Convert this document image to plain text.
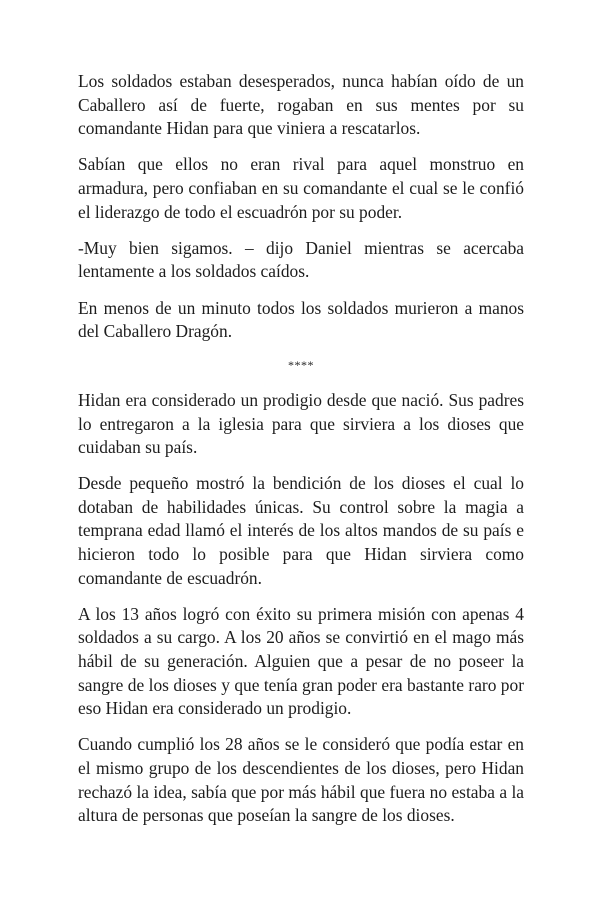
Los soldados estaban desesperados, nunca habían oído de un Caballero así de fuerte, rogaban en sus mentes por su comandante Hidan para que viniera a rescatarlos.

Sabían que ellos no eran rival para aquel monstruo en armadura, pero confiaban en su comandante el cual se le confió el liderazgo de todo el escuadrón por su poder.

-Muy bien sigamos. – dijo Daniel mientras se acercaba lentamente a los soldados caídos.

En menos de un minuto todos los soldados murieron a manos del Caballero Dragón.

****

Hidan era considerado un prodigio desde que nació. Sus padres lo entregaron a la iglesia para que sirviera a los dioses que cuidaban su país.

Desde pequeño mostró la bendición de los dioses el cual lo dotaban de habilidades únicas. Su control sobre la magia a temprana edad llamó el interés de los altos mandos de su país e hicieron todo lo posible para que Hidan sirviera como comandante de escuadrón.

A los 13 años logró con éxito su primera misión con apenas 4 soldados a su cargo. A los 20 años se convirtió en el mago más hábil de su generación. Alguien que a pesar de no poseer la sangre de los dioses y que tenía gran poder era bastante raro por eso Hidan era considerado un prodigio.

Cuando cumplió los 28 años se le consideró que podía estar en el mismo grupo de los descendientes de los dioses, pero Hidan rechazó la idea, sabía que por más hábil que fuera no estaba a la altura de personas que poseían la sangre de los dioses.
